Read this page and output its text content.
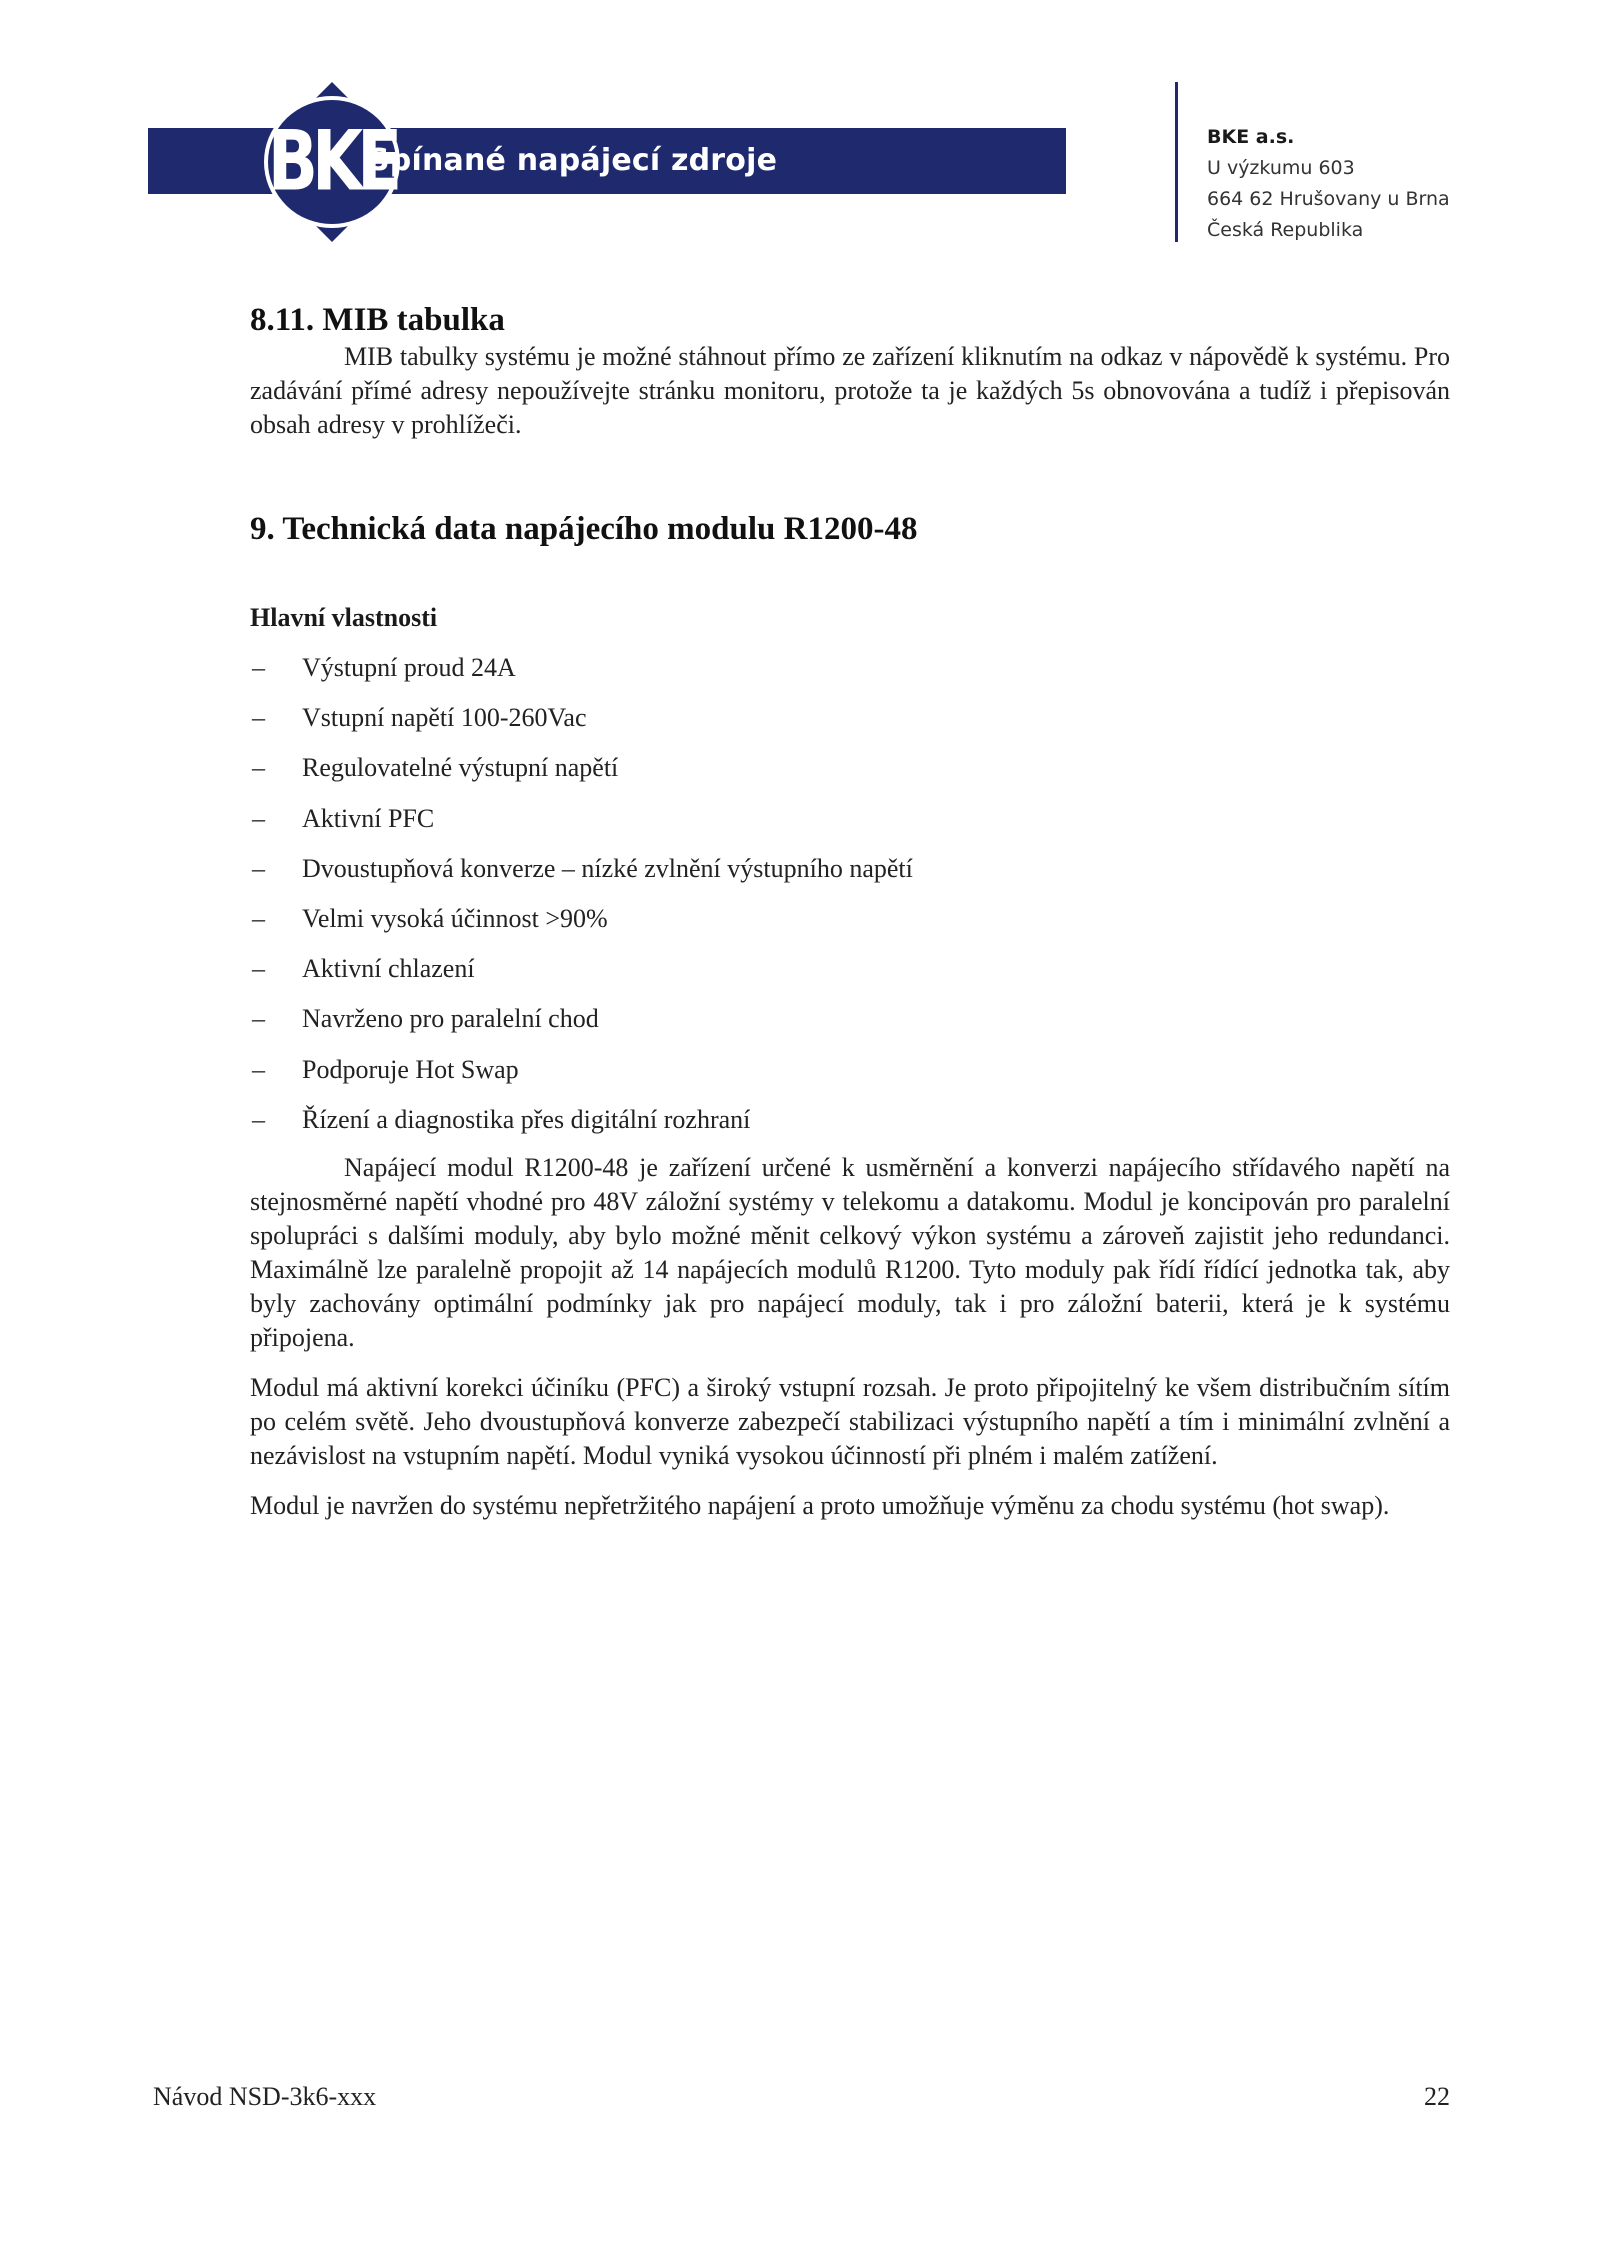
BKE
Spínané napájecí zdroje
BKE a.s.
U výzkumu 603
664 62 Hrušovany u Brna
Česká Republika
8.11. MIB tabulka

MIB tabulky systému je možné stáhnout přímo ze zařízení kliknutím na odkaz v nápovědě k systému. Pro zadávání přímé adresy nepoužívejte stránku monitoru, protože ta je každých 5s obnovována a tudíž i přepisován obsah adresy v prohlížeči.

9. Technická data napájecího modulu R1200-48
Hlavní vlastnosti
– Výstupní proud 24A
– Vstupní napětí 100-260Vac
– Regulovatelné výstupní napětí
– Aktivní PFC
– Dvoustupňová konverze – nízké zvlnění výstupního napětí
– Velmi vysoká účinnost >90%
– Aktivní chlazení
– Navrženo pro paralelní chod
– Podporuje Hot Swap
– Řízení a diagnostika přes digitální rozhraní

Napájecí modul R1200-48 je zařízení určené k usměrnění a konverzi napájecího střídavého napětí na stejnosměrné napětí vhodné pro 48V záložní systémy v telekomu a datakomu. Modul je koncipován pro paralelní spolupráci s dalšími moduly, aby bylo možné měnit celkový výkon systému a zároveň zajistit jeho redundanci. Maximálně lze paralelně propojit až 14 napájecích modulů R1200. Tyto moduly pak řídí řídící jednotka tak, aby byly zachovány optimální podmínky jak pro napájecí moduly, tak i pro záložní baterii, která je k systému připojena.

Modul má aktivní korekci účiníku (PFC) a široký vstupní rozsah. Je proto připojitelný ke všem distribučním sítím po celém světě. Jeho dvoustupňová konverze zabezpečí stabilizaci výstupního napětí a tím i minimální zvlnění a nezávislost na vstupním napětí. Modul vyniká vysokou účinností při plném i malém zatížení.

Modul je navržen do systému nepřetržitého napájení a proto umožňuje výměnu za chodu systému (hot swap).

Návod NSD-3k6-xxx	22
